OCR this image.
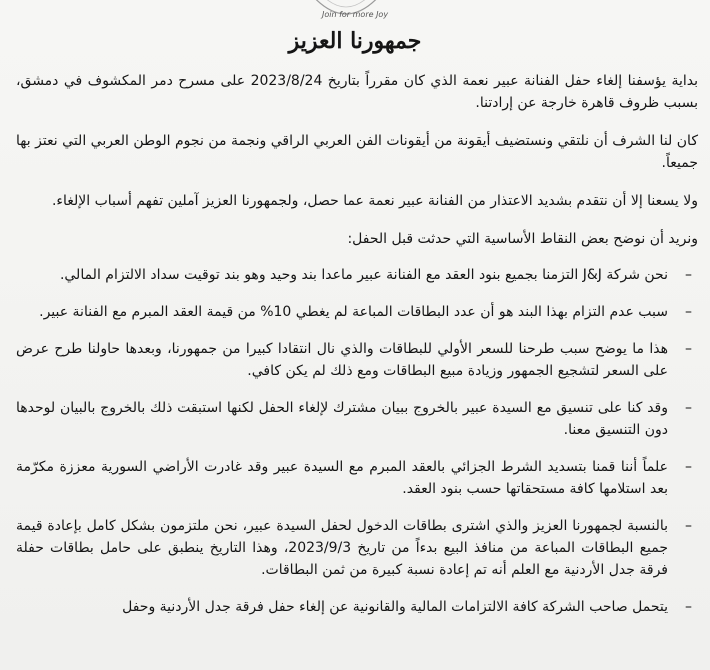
Join for more Joy
جمهورنا العزيز

بداية يؤسفنا إلغاء حفل الفنانة عبير نعمة الذي كان مقرراً بتاريخ 2023/8/24 على مسرح دمر المكشوف في دمشق، بسبب ظروف قاهرة خارجة عن إرادتنا.

كان لنا الشرف أن نلتقي ونستضيف أيقونة من أيقونات الفن العربي الراقي ونجمة من نجوم الوطن العربي التي نعتز بها جميعاً.

ولا يسعنا إلا أن نتقدم بشديد الاعتذار من الفنانة عبير نعمة عما حصل، ولجمهورنا العزيز آملين تفهم أسباب الإلغاء.

ونريد أن نوضح بعض النقاط الأساسية التي حدثت قبل الحفل:

– نحن شركة J&J التزمنا بجميع بنود العقد مع الفنانة عبير ماعدا بند وحيد وهو بند توقيت سداد الالتزام المالي.
– سبب عدم التزام بهذا البند هو أن عدد البطاقات المباعة لم يغطي 10% من قيمة العقد المبرم مع الفنانة عبير.
– هذا ما يوضح سبب طرحنا للسعر الأولي للبطاقات والذي نال انتقادا كبيرا من جمهورنا، وبعدها حاولنا طرح عرض على السعر لتشجيع الجمهور وزيادة مبيع البطاقات ومع ذلك لم يكن كافي.
– وقد كنا على تنسيق مع السيدة عبير بالخروج ببيان مشترك لإلغاء الحفل لكنها استبقت ذلك بالخروج بالبيان لوحدها دون التنسيق معنا.
– علماً أننا قمنا بتسديد الشرط الجزائي بالعقد المبرم مع السيدة عبير وقد غادرت الأراضي السورية معززة مكرّمة بعد استلامها كافة مستحقاتها حسب بنود العقد.
– بالنسبة لجمهورنا العزيز والذي اشترى بطاقات الدخول لحفل السيدة عبير، نحن ملتزمون بشكل كامل بإعادة قيمة جميع البطاقات المباعة من منافذ البيع بدءاً من تاريخ 2023/9/3، وهذا التاريخ ينطبق على حامل بطاقات حفلة فرقة جدل الأردنية مع العلم أنه تم إعادة نسبة كبيرة من ثمن البطاقات.
– يتحمل صاحب الشركة كافة الالتزامات المالية والقانونية عن إلغاء حفل فرقة جدل الأردنية وحفل
